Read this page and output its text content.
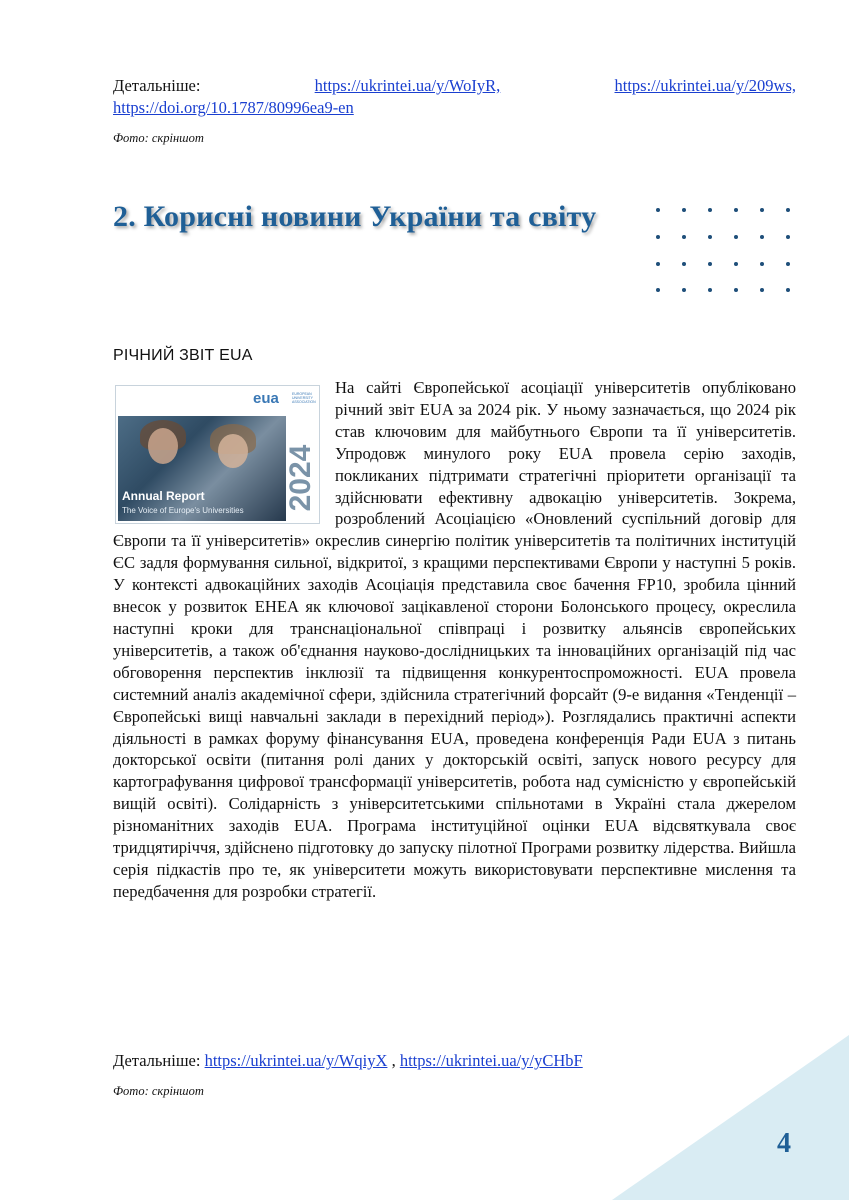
Детальніше:	https://ukrintei.ua/y/WoIyR,	https://ukrintei.ua/y/209ws,
https://doi.org/10.1787/80996ea9-en
Фото: скріншот
2. Корисні новини України та світу
РІЧНИЙ ЗВІТ EUA
На сайті Європейської асоціації університетів опубліковано річний звіт EUA за 2024 рік. У ньому зазначається, що 2024 рік став ключовим для майбутнього Європи та її університетів. Упродовж минулого року EUA провела серію заходів, покликаних підтримати стратегічні пріоритети організації та здійснювати ефективну адвокацію університетів. Зокрема, розроблений Асоціацією «Оновлений суспільний договір для Європи та її університетів» окреслив синергію політик університетів та політичних інституцій ЄС задля формування сильної, відкритої, з кращими перспективами Європи у наступні 5 років. У контексті адвокаційних заходів Асоціація представила своє бачення FP10, зробила цінний внесок у розвиток EHEA як ключової зацікавленої сторони Болонського процесу, окреслила наступні кроки для транснаціональної співпраці і розвитку альянсів європейських університетів, а також об'єднання науково-дослідницьких та інноваційних організацій під час обговорення перспектив інклюзії та підвищення конкурентоспроможності. EUA провела системний аналіз академічної сфери, здійснила стратегічний форсайт (9-е видання «Тенденції – Європейські вищі навчальні заклади в перехідний період»). Розглядались практичні аспекти діяльності в рамках форуму фінансування EUA, проведена конференція Ради EUA з питань докторської освіти (питання ролі даних у докторській освіті, запуск нового ресурсу для картографування цифрової трансформації університетів, робота над сумісністю у європейській вищій освіті). Солідарність з університетськими спільнотами в Україні стала джерелом різноманітних заходів EUA. Програма інституційної оцінки EUA відсвяткувала своє тридцятиріччя, здійснено підготовку до запуску пілотної Програми розвитку лідерства. Вийшла серія підкастів про те, як університети можуть використовувати перспективне мислення та передбачення для розробки стратегії.
eua	EUROPEAN UNIVERSITY ASSOCIATION
Annual Report
The Voice of Europe's Universities 2024
Детальніше: https://ukrintei.ua/y/WqiyX , https://ukrintei.ua/y/yCHbF
Фото: скріншот
4
